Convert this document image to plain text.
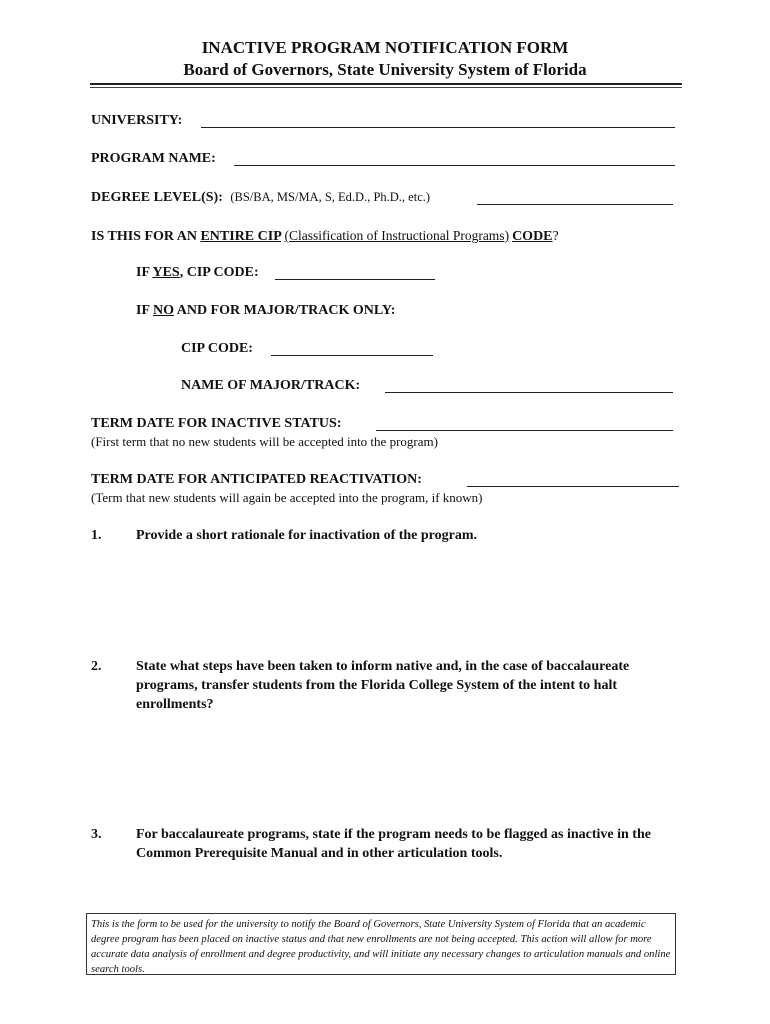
INACTIVE PROGRAM NOTIFICATION FORM
Board of Governors, State University System of Florida
UNIVERSITY:
PROGRAM NAME:
DEGREE LEVEL(S): (BS/BA, MS/MA, S, Ed.D., Ph.D., etc.)
IS THIS FOR AN ENTIRE CIP (Classification of Instructional Programs) CODE?
IF YES, CIP CODE:
IF NO AND FOR MAJOR/TRACK ONLY:
CIP CODE:
NAME OF MAJOR/TRACK:
TERM DATE FOR INACTIVE STATUS:
(First term that no new students will be accepted into the program)
TERM DATE FOR ANTICIPATED REACTIVATION:
(Term that new students will again be accepted into the program, if known)
1. Provide a short rationale for inactivation of the program.
2. State what steps have been taken to inform native and, in the case of baccalaureate programs, transfer students from the Florida College System of the intent to halt enrollments?
3. For baccalaureate programs, state if the program needs to be flagged as inactive in the Common Prerequisite Manual and in other articulation tools.
This is the form to be used for the university to notify the Board of Governors, State University System of Florida that an academic degree program has been placed on inactive status and that new enrollments are not being accepted. This action will allow for more accurate data analysis of enrollment and degree productivity, and will initiate any necessary changes to articulation manuals and online search tools.
